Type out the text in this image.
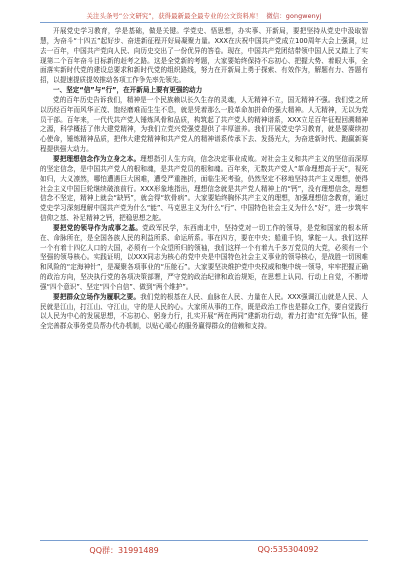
关注头条号“公文研究”，获得最新最全最专业的公文资料库！ 微信：gongwenyj

开展党史学习教育，学是基础，做是关键。学党史、悟思想，办实事、开新局，要把坚持从党史中汲取智慧，为奋斗“十四五”起好步、奋进新征程开好局凝聚力量。XXX在庆祝中国共产党成立100周年大会上强调，过去一百年，中国共产党向人民、向历史交出了一份优异的答卷。现在，中国共产党团结带领中国人民又踏上了实现第二个百年奋斗目标新的赶考之路。这是全党新的考题，大家要始终保持不忘初心、把握大势、着眼大事，全面落实新时代党的建设总要求和新时代党的组织路线，努力在开新局上勇于探索、有效作为，解题有力、答题有招，以提速提质提效推动各项工作争先率先领先。

一、坚定“信”与“行”，在开新局上要有更强的动力

党的百年历史告诉我们，精神是一个民族赖以长久生存的灵魂，人无精神不立，国无精神不强。我们党之所以历经百年而风华正茂、饱经磨难而生生不息，就是凭着那么一股革命加拼命的强大精神。人无精神，无以为党员干部。百年来，一代代共产党人锤炼风骨和品质，构筑起了共产党人的精神谱系，XXX立足百年征程回溯精神之源，科学概括了伟大建党精神，为我们立党兴党强党提供了丰厚滋养。我们开展党史学习教育，就是要赓续初心使命，锤炼精神品质，把伟大建党精神和共产党人的精神谱系传承下去、发扬光大，为奋进新时代、跑赢新赛程提供强大动力。

要把理想信念作为立身之本。理想指引人生方向，信念决定事业成败。对社会主义和共产主义的坚信而深厚的坚定信念，是中国共产党人的根和魂，是共产党员的根和魂。百年来，无数共产党人“革命理想高于天”，视死如归，大义凛然，哪怕遭遇巨大困难，遭受严重挫折，面临生死考验，仍然坚定不移地坚持共产主义理想，使得社会主义中国巨轮继续破浪前行。XXX形象地指出，理想信念就是共产党人精神上的“钙”，没有理想信念，理想信念不坚定，精神上就会“缺钙”，就会得“软骨病”。大家要始终胸怀共产主义的理想，加强理想信念教育，通过党史学习深刻理解中国共产党为什么“能”、马克思主义为什么“行”、中国特色社会主义为什么“好”，进一步筑牢信仰之基、补足精神之钙，把稳思想之舵。

要把党的领导作为成事之基。党政军民学，东西南北中，坚持党对一切工作的领导，是党和国家的根本所在、命脉所在，是全国各族人民的利益所系、命运所系。事在四方，要在中央；船重千钧，掌舵一人。我们这样一个有着十四亿人口的大国，必须有一个众望所归的领袖，我们这样一个有着九千多万党员的大党，必须有一个坚强的领导核心。实践证明，以XXX同志为核心的党中央是中国特色社会主义事业的领导核心，是战胜一切困难和风险的“定海神针”，是凝聚各项事业的“压舱石”。大家要坚决维护党中央权威和集中统一领导，牢牢把握正确的政治方向，坚决执行党的各项决策部署，严守党的政治纪律和政治规矩，在思想上认同、行动上自觉，不断增强“四个意识”、坚定“四个自信”、做到“两个维护”。

要把群众立场作为履职之要。我们党的根基在人民、血脉在人民、力量在人民。XXX强调江山就是人民、人民就是江山，打江山、守江山，守的是人民的心。大家所从事的工作，既是政治工作也是群众工作，要自觉践行以人民为中心的发展思想，不忘初心、躬身力行，扎实开展“两在两同”建新功行动，着力打造“红先锋”队伍，健全完善群众事务党员帮办代办机制，以贴心暖心的服务赢得群众的信赖和支持。

QQ群：31991489	QQ:535304092
